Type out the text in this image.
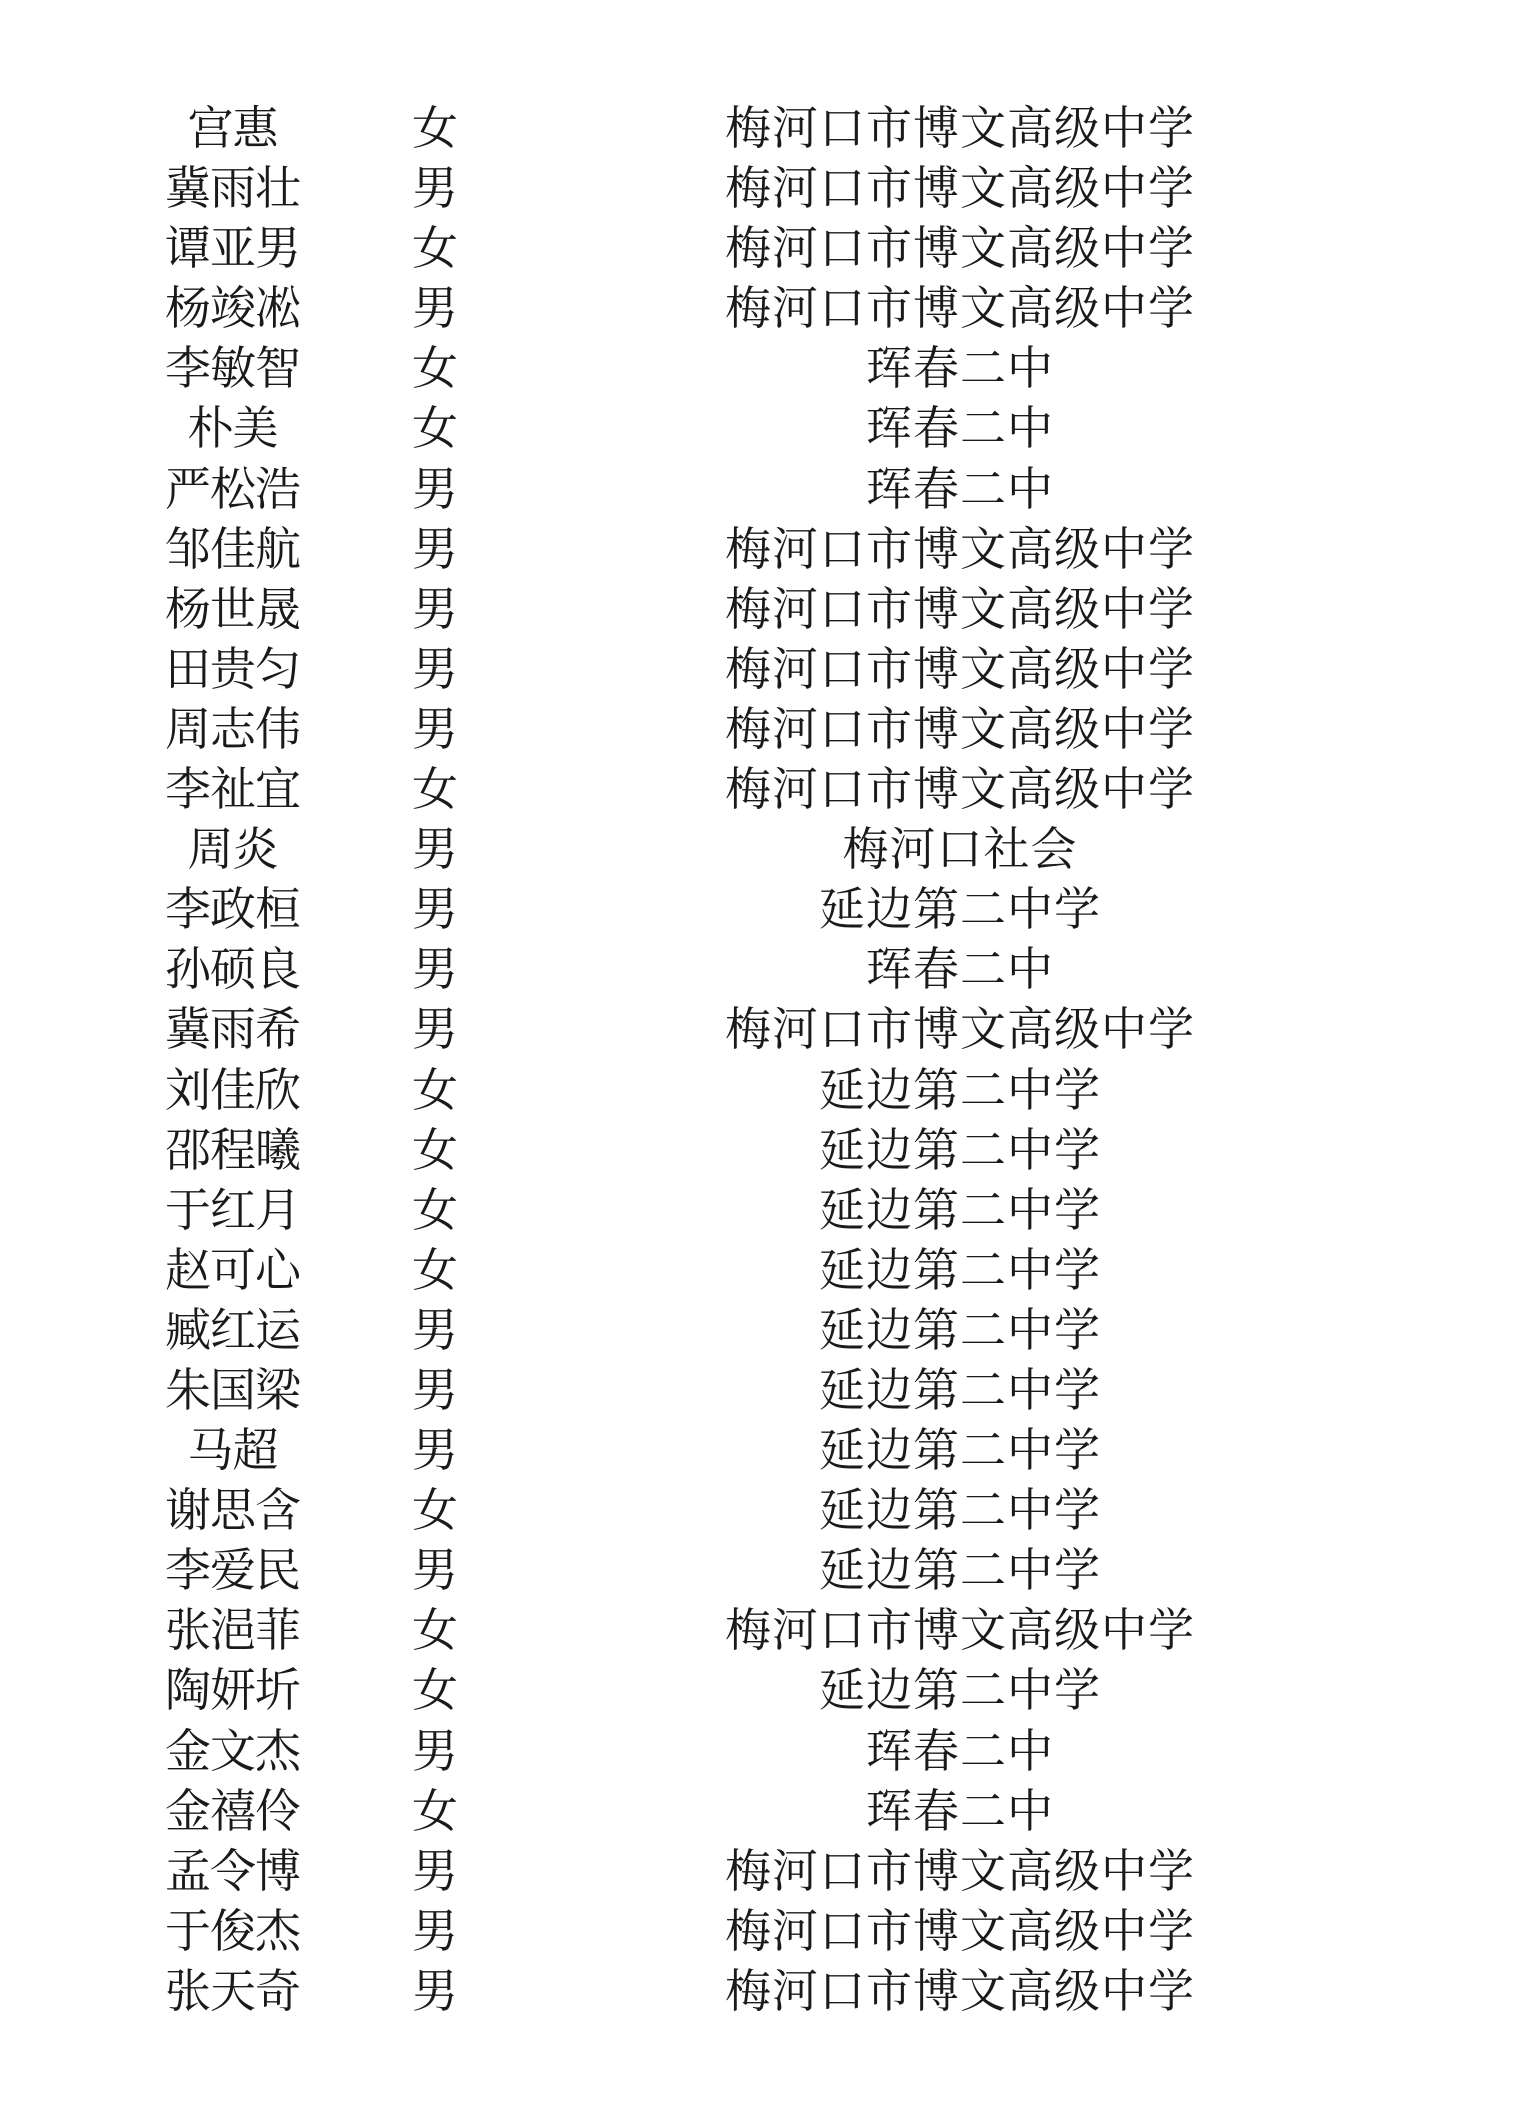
宫惠	女	梅河口市博文高级中学
冀雨壮 男	梅河口市博文高级中学
谭亚男 女	梅河口市博文高级中学
杨竣凇 男	梅河口市博文高级中学
李敏智 女	珲春二中
朴美	女	珲春二中
严松浩 男	珲春二中
邹佳航 男	梅河口市博文高级中学
杨世晟 男	梅河口市博文高级中学
田贵匀 男	梅河口市博文高级中学
周志伟 男	梅河口市博文高级中学
李祉宜 女	梅河口市博文高级中学
周炎	男	梅河口社会
李政桓 男	延边第二中学
孙硕良 男	珲春二中
冀雨希 男	梅河口市博文高级中学
刘佳欣 女	延边第二中学
邵程曦 女	延边第二中学
于红月 女	延边第二中学
赵可心 女	延边第二中学
臧红运 男	延边第二中学
朱国梁 男	延边第二中学
马超	男	延边第二中学
谢思含 女	延边第二中学
李爱民 男	延边第二中学
张浥菲 女	梅河口市博文高级中学
陶妍圻 女	延边第二中学
金文杰 男	珲春二中
金禧伶 女	珲春二中
孟令博 男	梅河口市博文高级中学
于俊杰 男	梅河口市博文高级中学
张天奇 男	梅河口市博文高级中学
